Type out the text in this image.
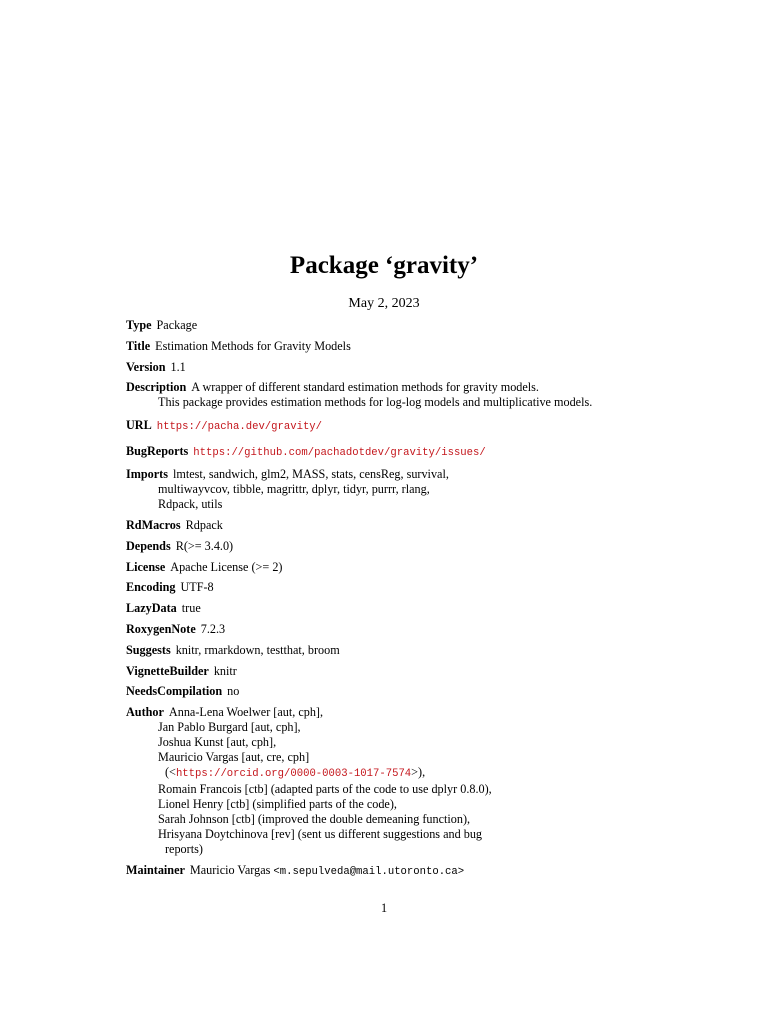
Package ‘gravity’
May 2, 2023
Type Package
Title Estimation Methods for Gravity Models
Version 1.1
Description A wrapper of different standard estimation methods for gravity models.
This package provides estimation methods for log-log models and multiplicative models.
URL https://pacha.dev/gravity/
BugReports https://github.com/pachadotdev/gravity/issues/
Imports lmtest, sandwich, glm2, MASS, stats, censReg, survival,
multiwayvcov, tibble, magrittr, dplyr, tidyr, purrr, rlang,
Rdpack, utils
RdMacros Rdpack
Depends R(>= 3.4.0)
License Apache License (>= 2)
Encoding UTF-8
LazyData true
RoxygenNote 7.2.3
Suggests knitr, rmarkdown, testthat, broom
VignetteBuilder knitr
NeedsCompilation no
Author Anna-Lena Woelwer [aut, cph],
Jan Pablo Burgard [aut, cph],
Joshua Kunst [aut, cph],
Mauricio Vargas [aut, cre, cph]
(<https://orcid.org/0000-0003-1017-7574>),
Romain Francois [ctb] (adapted parts of the code to use dplyr 0.8.0),
Lionel Henry [ctb] (simplified parts of the code),
Sarah Johnson [ctb] (improved the double demeaning function),
Hrisyana Doytchinova [rev] (sent us different suggestions and bug
reports)
Maintainer Mauricio Vargas <m.sepulveda@mail.utoronto.ca>
1
